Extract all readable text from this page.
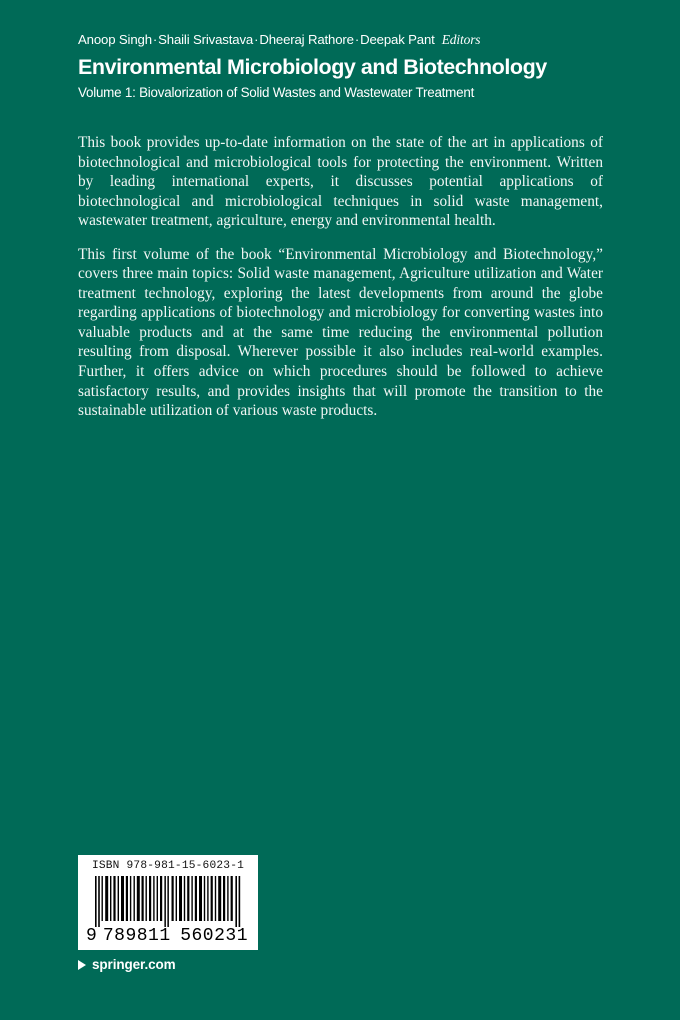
Anoop Singh·Shaili Srivastava·Dheeraj Rathore·Deepak Pant Editors
Environmental Microbiology and Biotechnology
Volume 1: Biovalorization of Solid Wastes and Wastewater Treatment

This book provides up-to-date information on the state of the art in applications of biotechnological and microbiological tools for protecting the environment. Written by leading international experts, it discusses potential applications of biotechnological and microbiological techniques in solid waste management, wastewater treatment, agriculture, energy and environmental health.

This first volume of the book “Environmental Microbiology and Biotechnology,” covers three main topics: Solid waste management, Agriculture utilization and Water treatment technology, exploring the latest developments from around the globe regarding applications of biotechnology and microbiology for converting wastes into valuable products and at the same time reducing the environmental pollution resulting from disposal. Wherever possible it also includes real-world examples. Further, it offers advice on which procedures should be followed to achieve satisfactory results, and provides insights that will promote the transition to the sustainable utilization of various waste products.

ISBN 978-981-15-6023-1
9 789811 560231
springer.com
